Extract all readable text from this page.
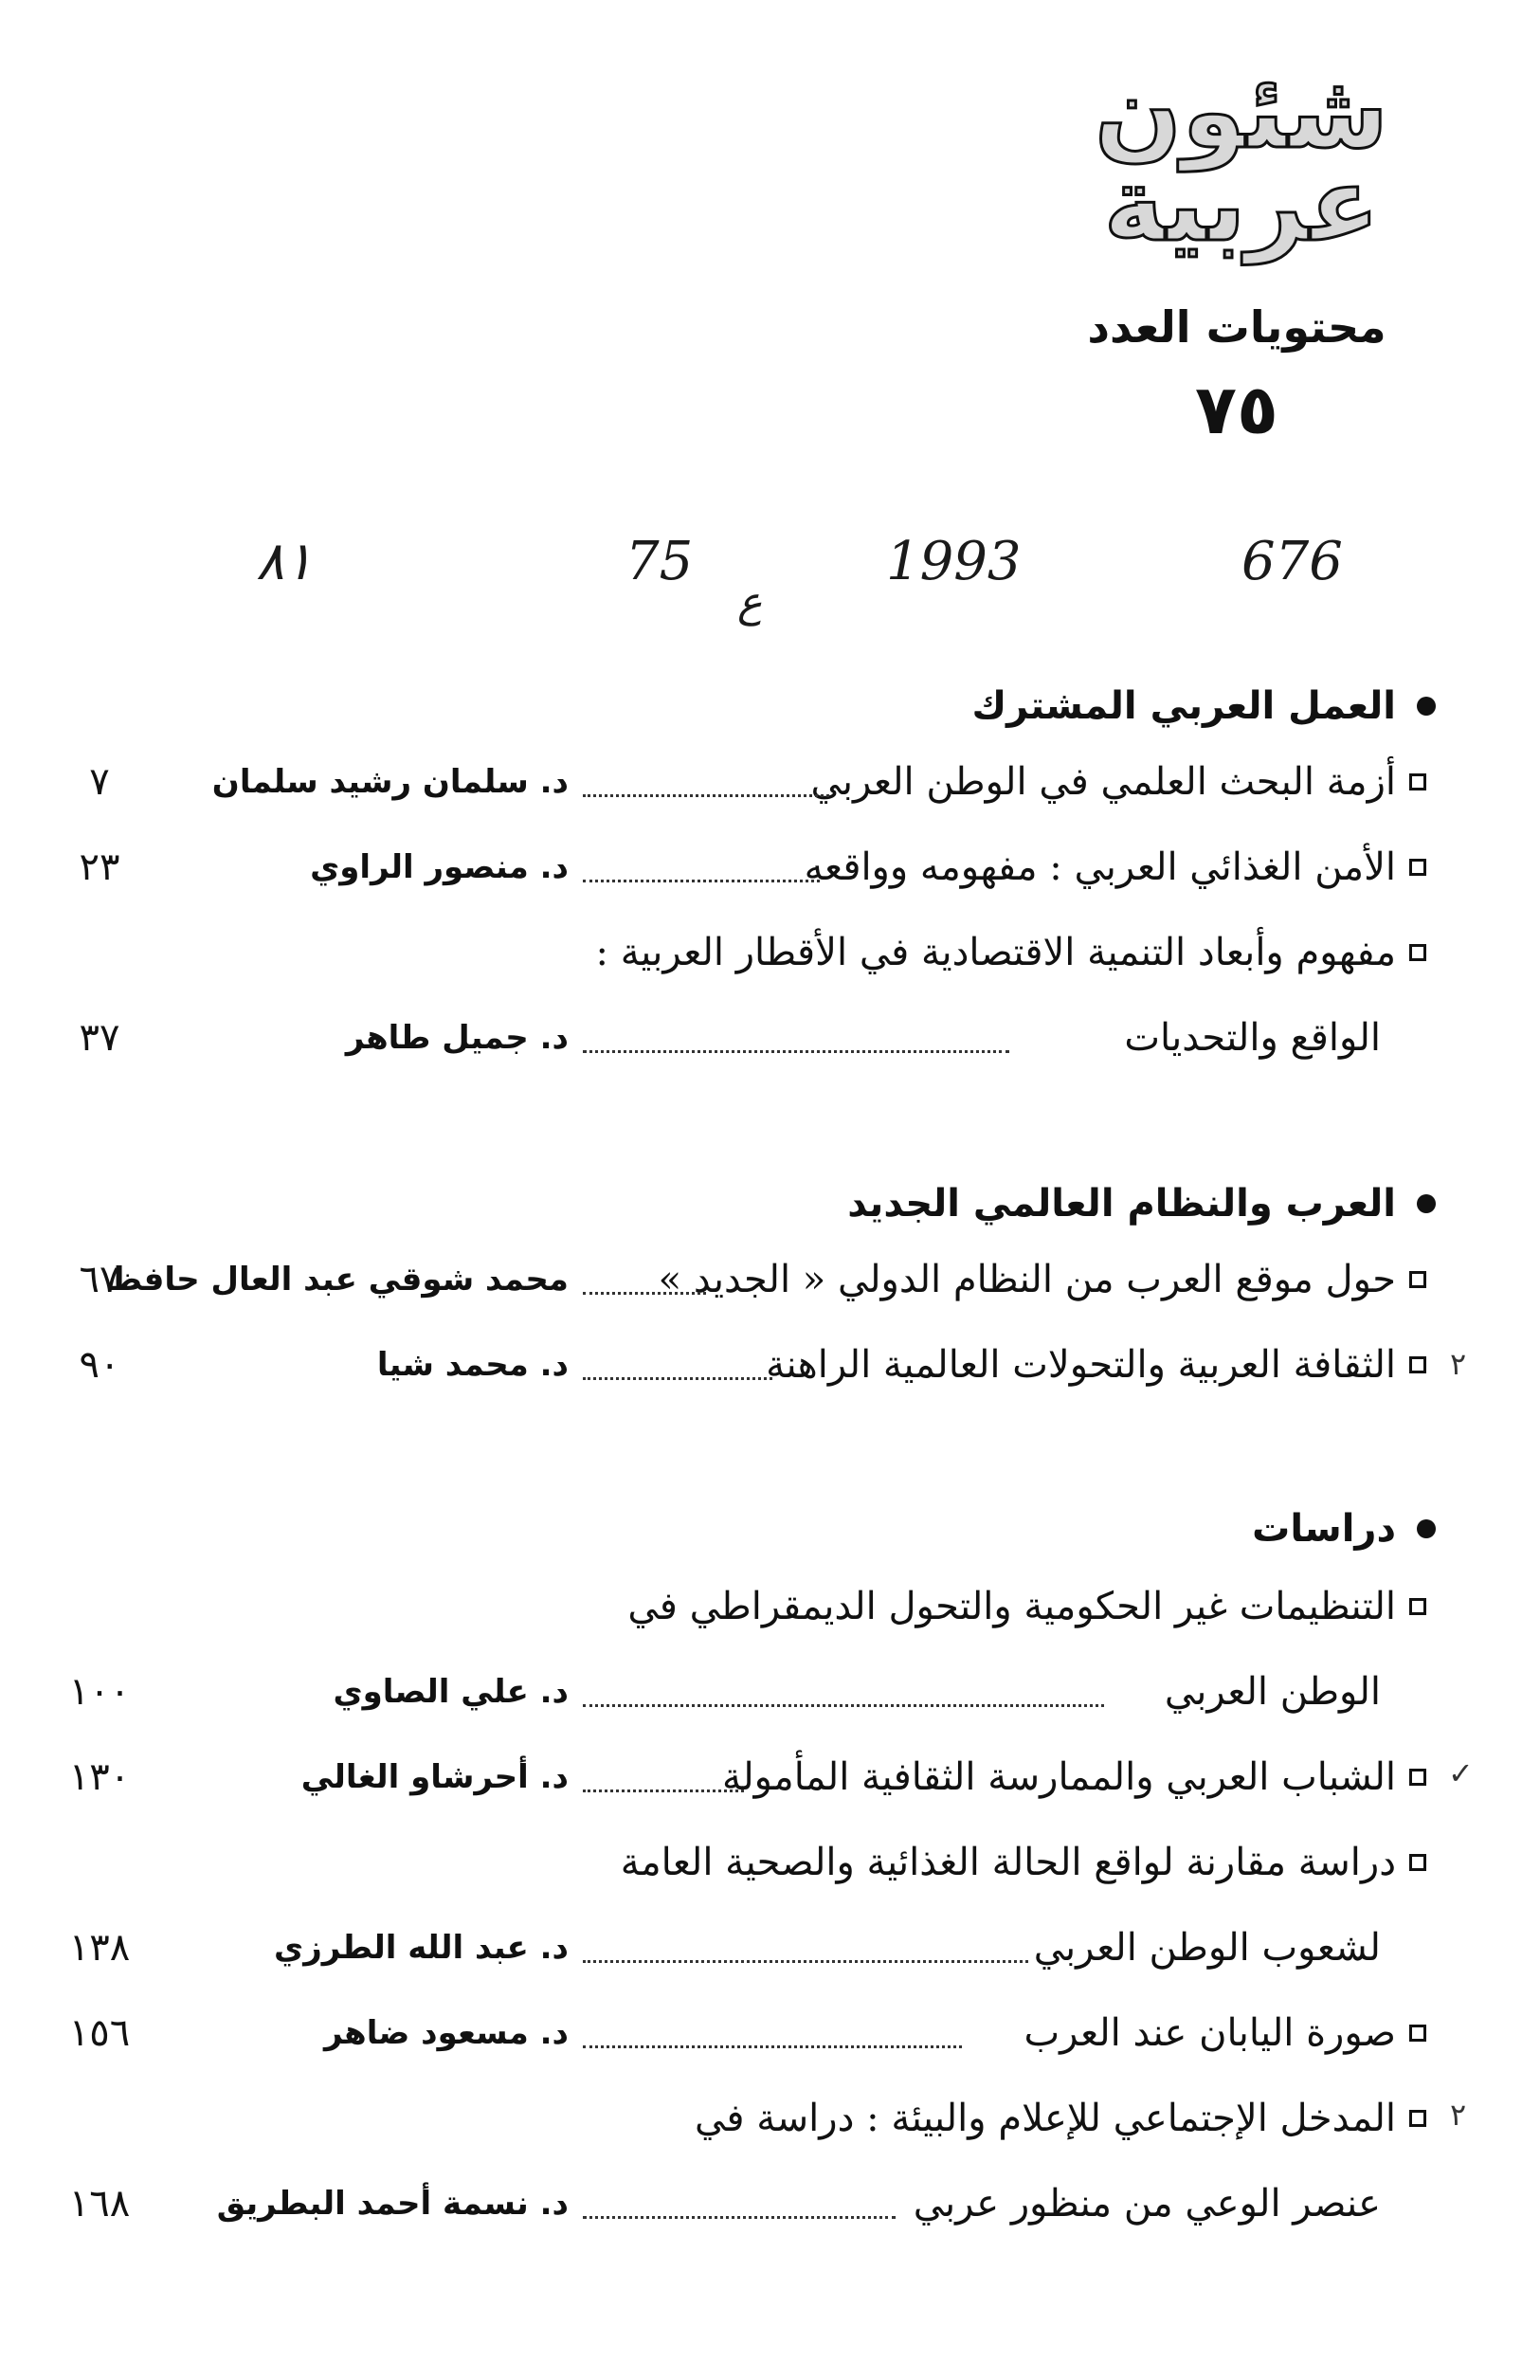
شئون
عربية
محتويات العدد
٧٥
676
1993
75
ع
٨١
العمل العربي المشترك
أزمة البحث العلمي في الوطن العربي
د. سلمان رشيد سلمان
٧
الأمن الغذائي العربي : مفهومه وواقعه
د. منصور الراوي
٢٣
مفهوم وأبعاد التنمية الاقتصادية في الأقطار العربية :
الواقع والتحديات
د. جميل طاهر
٣٧
العرب والنظام العالمي الجديد
حول موقع العرب من النظام الدولي « الجديد »
محمد شوقي عبد العال حافظ
٦٧
الثقافة العربية والتحولات العالمية الراهنة
د. محمد شيا
٩٠	٢
دراسات
التنظيمات غير الحكومية والتحول الديمقراطي في
الوطن العربي
د. علي الصاوي
١٠٠
الشباب العربي والممارسة الثقافية المأمولة
د. أحرشاو الغالي
١٣٠	✓
دراسة مقارنة لواقع الحالة الغذائية والصحية العامة
لشعوب الوطن العربي
د. عبد الله الطرزي
١٣٨
صورة اليابان عند العرب
د. مسعود ضاهر
١٥٦
المدخل الإجتماعي للإعلام والبيئة : دراسة في ٢
عنصر الوعي من منظور عربي
د. نسمة أحمد البطريق
١٦٨
